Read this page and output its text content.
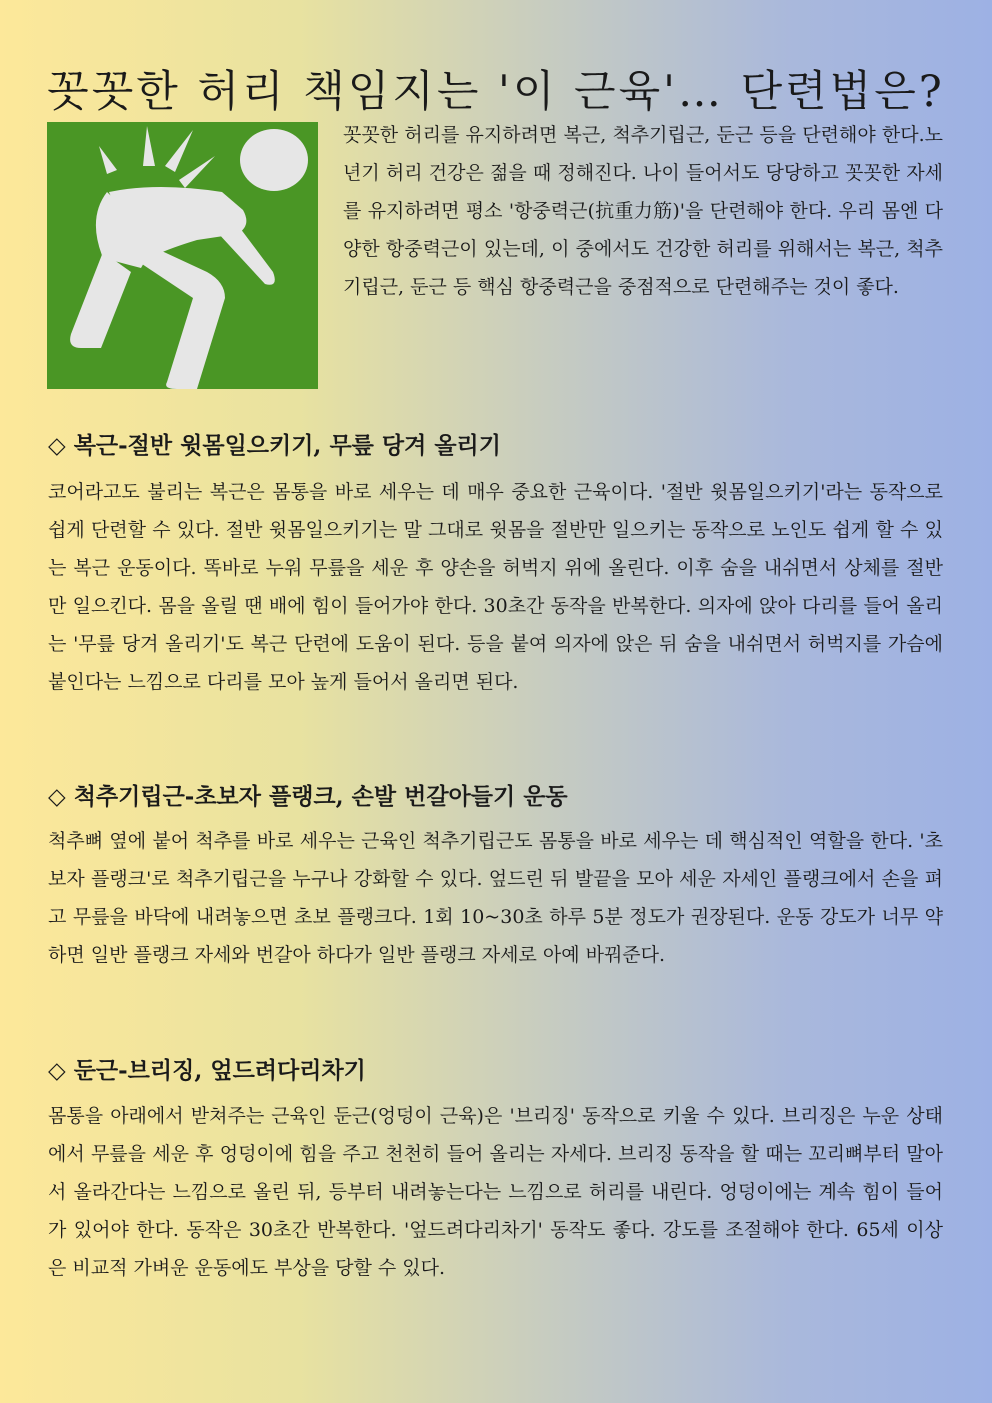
꼿꼿한 허리 책임지는 '이 근육'… 단련법은?

꼿꼿한 허리를 유지하려면 복근, 척추기립근, 둔근 등을 단련해야 한다.노년기 허리 건강은 젊을 때 정해진다. 나이 들어서도 당당하고 꼿꼿한 자세를 유지하려면 평소 '항중력근(抗重力筋)'을 단련해야 한다. 우리 몸엔 다양한 항중력근이 있는데, 이 중에서도 건강한 허리를 위해서는 복근, 척추기립근, 둔근 등 핵심 항중력근을 중점적으로 단련해주는 것이 좋다.

◇ 복근-절반 윗몸일으키기, 무릎 당겨 올리기

코어라고도 불리는 복근은 몸통을 바로 세우는 데 매우 중요한 근육이다. '절반 윗몸일으키기'라는 동작으로 쉽게 단련할 수 있다. 절반 윗몸일으키기는 말 그대로 윗몸을 절반만 일으키는 동작으로 노인도 쉽게 할 수 있는 복근 운동이다. 똑바로 누워 무릎을 세운 후 양손을 허벅지 위에 올린다. 이후 숨을 내쉬면서 상체를 절반만 일으킨다. 몸을 올릴 땐 배에 힘이 들어가야 한다. 30초간 동작을 반복한다. 의자에 앉아 다리를 들어 올리는 '무릎 당겨 올리기'도 복근 단련에 도움이 된다. 등을 붙여 의자에 앉은 뒤 숨을 내쉬면서 허벅지를 가슴에 붙인다는 느낌으로 다리를 모아 높게 들어서 올리면 된다.

◇ 척추기립근-초보자 플랭크, 손발 번갈아들기 운동

척추뼈 옆에 붙어 척추를 바로 세우는 근육인 척추기립근도 몸통을 바로 세우는 데 핵심적인 역할을 한다. '초보자 플랭크'로 척추기립근을 누구나 강화할 수 있다. 엎드린 뒤 발끝을 모아 세운 자세인 플랭크에서 손을 펴고 무릎을 바닥에 내려놓으면 초보 플랭크다. 1회 10~30초 하루 5분 정도가 권장된다. 운동 강도가 너무 약하면 일반 플랭크 자세와 번갈아 하다가 일반 플랭크 자세로 아예 바꿔준다.

◇ 둔근-브리징, 엎드려다리차기

몸통을 아래에서 받쳐주는 근육인 둔근(엉덩이 근육)은 '브리징' 동작으로 키울 수 있다. 브리징은 누운 상태에서 무릎을 세운 후 엉덩이에 힘을 주고 천천히 들어 올리는 자세다. 브리징 동작을 할 때는 꼬리뼈부터 말아서 올라간다는 느낌으로 올린 뒤, 등부터 내려놓는다는 느낌으로 허리를 내린다. 엉덩이에는 계속 힘이 들어가 있어야 한다. 동작은 30초간 반복한다. '엎드려다리차기' 동작도 좋다. 강도를 조절해야 한다. 65세 이상은 비교적 가벼운 운동에도 부상을 당할 수 있다.
